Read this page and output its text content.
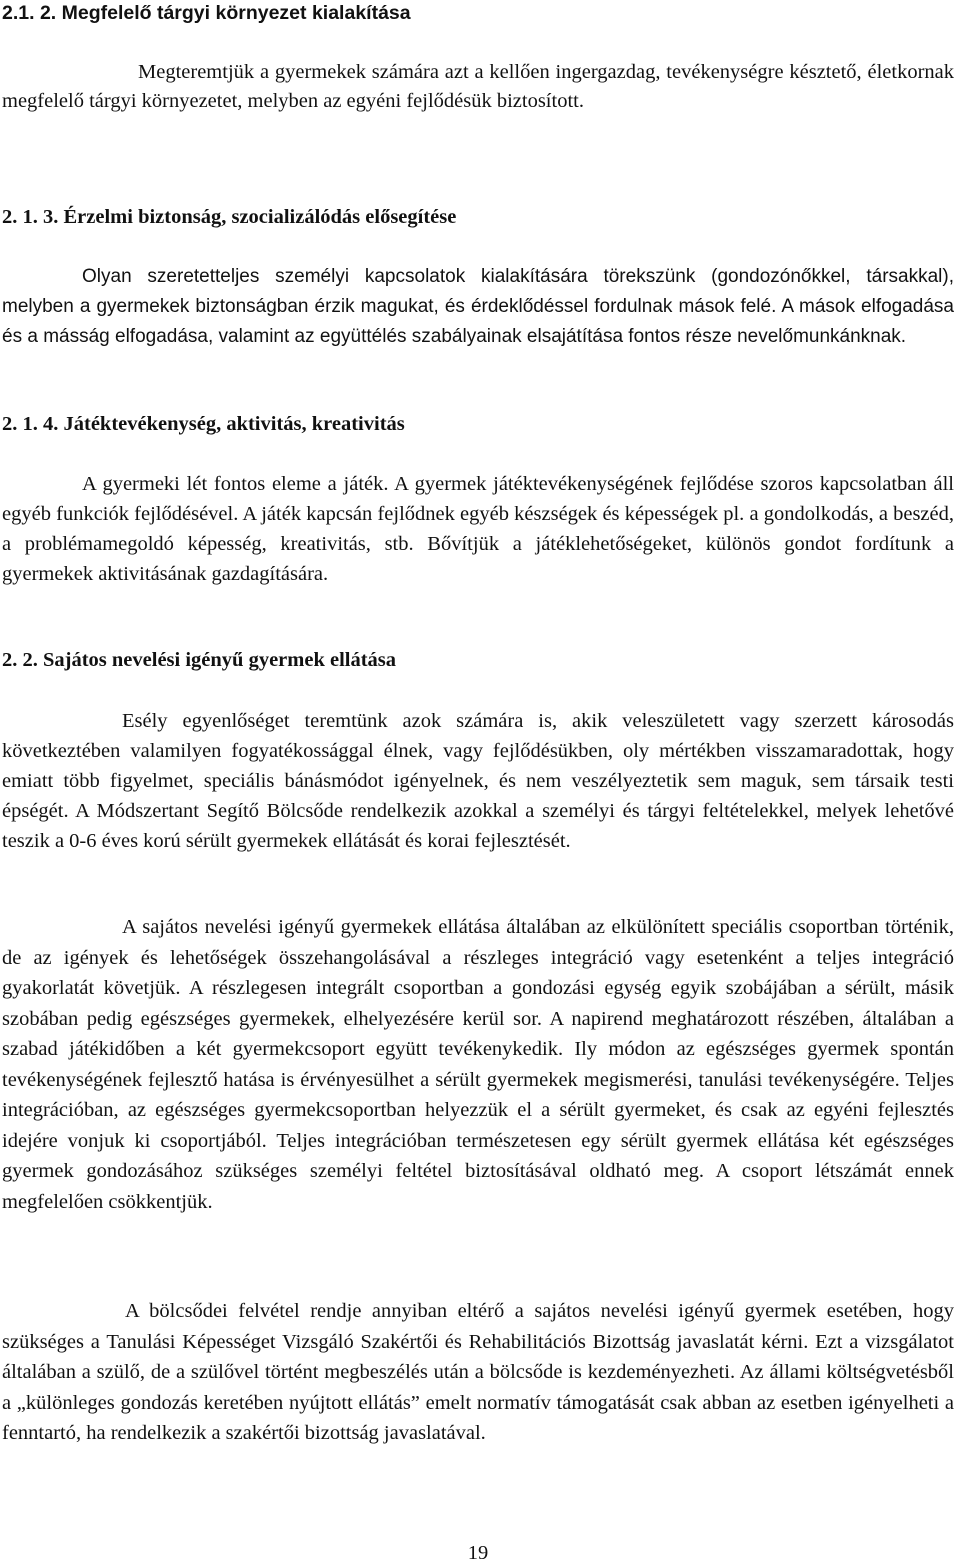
2.1. 2. Megfelelő tárgyi környezet kialakítása

Megteremtjük a gyermekek számára azt a kellően ingergazdag, tevékenységre késztető, életkornak megfelelő tárgyi környezetet, melyben az egyéni fejlődésük biztosított.

2. 1. 3. Érzelmi biztonság, szocializálódás elősegítése

Olyan szeretetteljes személyi kapcsolatok kialakítására törekszünk (gondozónőkkel, társakkal), melyben a gyermekek biztonságban érzik magukat, és érdeklődéssel fordulnak mások felé. A mások elfogadása és a másság elfogadása, valamint az együttélés szabályainak elsajátítása fontos része nevelőmunkánknak.

2. 1. 4. Játéktevékenység, aktivitás, kreativitás

A gyermeki lét fontos eleme a játék. A gyermek játéktevékenységének fejlődése szoros kapcsolatban áll egyéb funkciók fejlődésével. A játék kapcsán fejlődnek egyéb készségek és képességek pl. a gondolkodás, a beszéd, a problémamegoldó képesség, kreativitás, stb. Bővítjük a játéklehetőségeket, különös gondot fordítunk a gyermekek aktivitásának gazdagítására.

2. 2. Sajátos nevelési igényű gyermek ellátása

Esély egyenlőséget teremtünk azok számára is, akik veleszületett vagy szerzett károsodás következtében valamilyen fogyatékossággal élnek, vagy fejlődésükben, oly mértékben visszamaradottak, hogy emiatt több figyelmet, speciális bánásmódot igényelnek, és nem veszélyeztetik sem maguk, sem társaik testi épségét. A Módszertant Segítő Bölcsőde rendelkezik azokkal a személyi és tárgyi feltételekkel, melyek lehetővé teszik a 0-6 éves korú sérült gyermekek ellátását és korai fejlesztését.

A sajátos nevelési igényű gyermekek ellátása általában az elkülönített speciális csoportban történik, de az igények és lehetőségek összehangolásával a részleges integráció vagy esetenként a teljes integráció gyakorlatát követjük. A részlegesen integrált csoportban a gondozási egység egyik szobájában a sérült, másik szobában pedig egészséges gyermekek, elhelyezésére kerül sor. A napirend meghatározott részében, általában a szabad játékidőben a két gyermekcsoport együtt tevékenykedik. Ily módon az egészséges gyermek spontán tevékenységének fejlesztő hatása is érvényesülhet a sérült gyermekek megismerési, tanulási tevékenységére. Teljes integrációban, az egészséges gyermekcsoportban helyezzük el a sérült gyermeket, és csak az egyéni fejlesztés idejére vonjuk ki csoportjából. Teljes integrációban természetesen egy sérült gyermek ellátása két egészséges gyermek gondozásához szükséges személyi feltétel biztosításával oldható meg. A csoport létszámát ennek megfelelően csökkentjük.

A bölcsődei felvétel rendje annyiban eltérő a sajátos nevelési igényű gyermek esetében, hogy szükséges a Tanulási Képességet Vizsgáló Szakértői és Rehabilitációs Bizottság javaslatát kérni. Ezt a vizsgálatot általában a szülő, de a szülővel történt megbeszélés után a bölcsőde is kezdeményezheti. Az állami költségvetésből a „különleges gondozás keretében nyújtott ellátás” emelt normatív támogatását csak abban az esetben igényelheti a fenntartó, ha rendelkezik a szakértői bizottság javaslatával.

19
